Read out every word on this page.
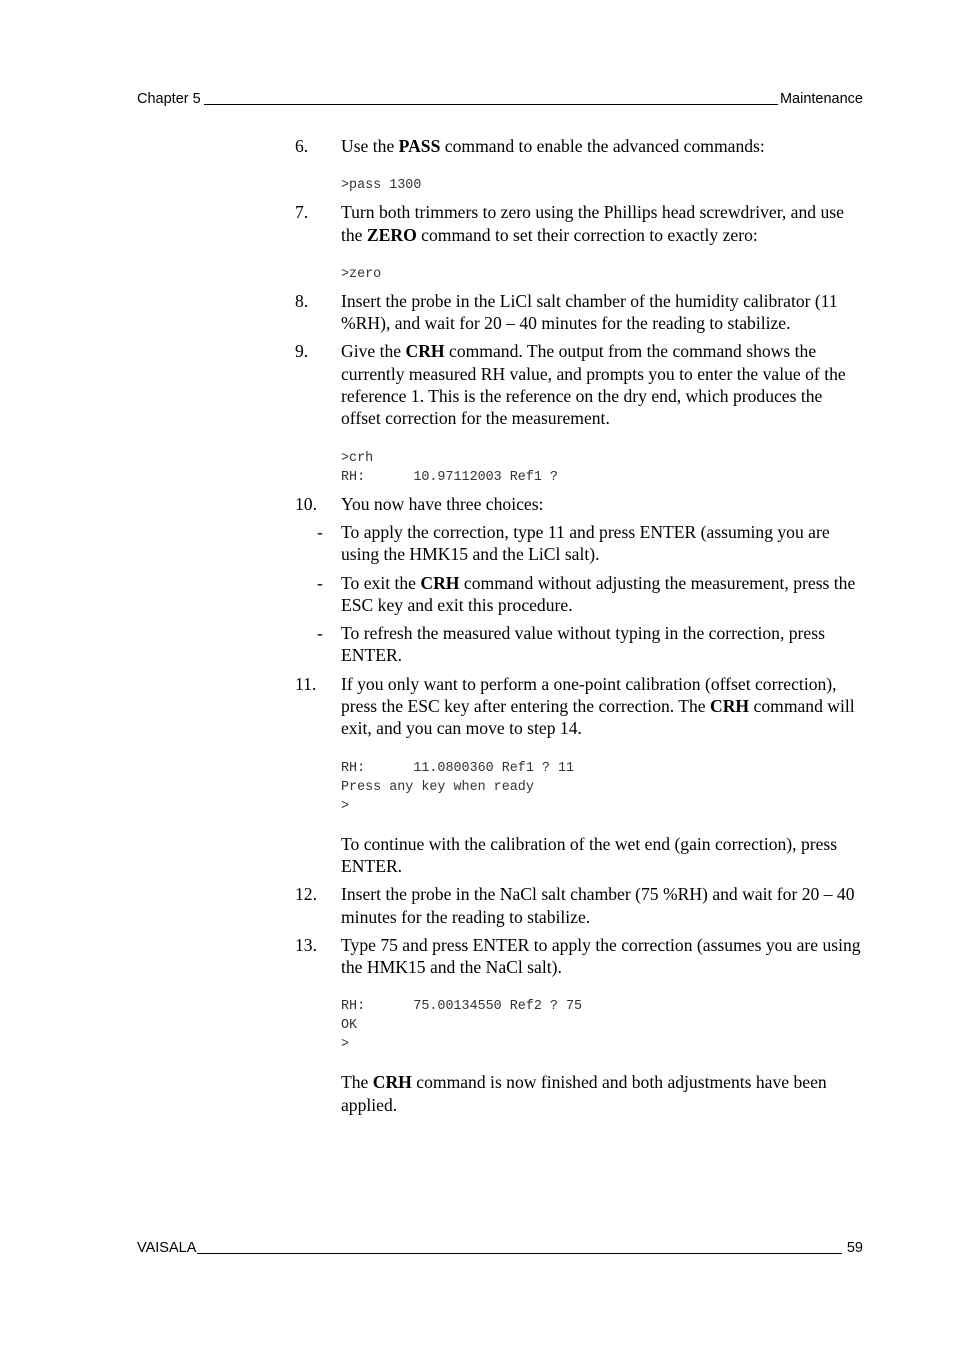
Chapter 5	Maintenance
6. Use the PASS command to enable the advanced commands:
>pass 1300
7. Turn both trimmers to zero using the Phillips head screwdriver, and use the ZERO command to set their correction to exactly zero:
>zero
8. Insert the probe in the LiCl salt chamber of the humidity calibrator (11 %RH), and wait for 20 – 40 minutes for the reading to stabilize.
9. Give the CRH command. The output from the command shows the currently measured RH value, and prompts you to enter the value of the reference 1. This is the reference on the dry end, which produces the offset correction for the measurement.
>crh
RH:      10.97112003 Ref1 ?
10. You now have three choices:
- To apply the correction, type 11 and press ENTER (assuming you are using the HMK15 and the LiCl salt).
- To exit the CRH command without adjusting the measurement, press the ESC key and exit this procedure.
- To refresh the measured value without typing in the correction, press ENTER.
11. If you only want to perform a one-point calibration (offset correction), press the ESC key after entering the correction. The CRH command will exit, and you can move to step 14.
RH:      11.0800360 Ref1 ? 11
Press any key when ready
>
To continue with the calibration of the wet end (gain correction), press ENTER.
12. Insert the probe in the NaCl salt chamber (75 %RH) and wait for 20 – 40 minutes for the reading to stabilize.
13. Type 75 and press ENTER to apply the correction (assumes you are using the HMK15 and the NaCl salt).
RH:      75.00134550 Ref2 ? 75
OK
>
The CRH command is now finished and both adjustments have been applied.
VAISALA	59
